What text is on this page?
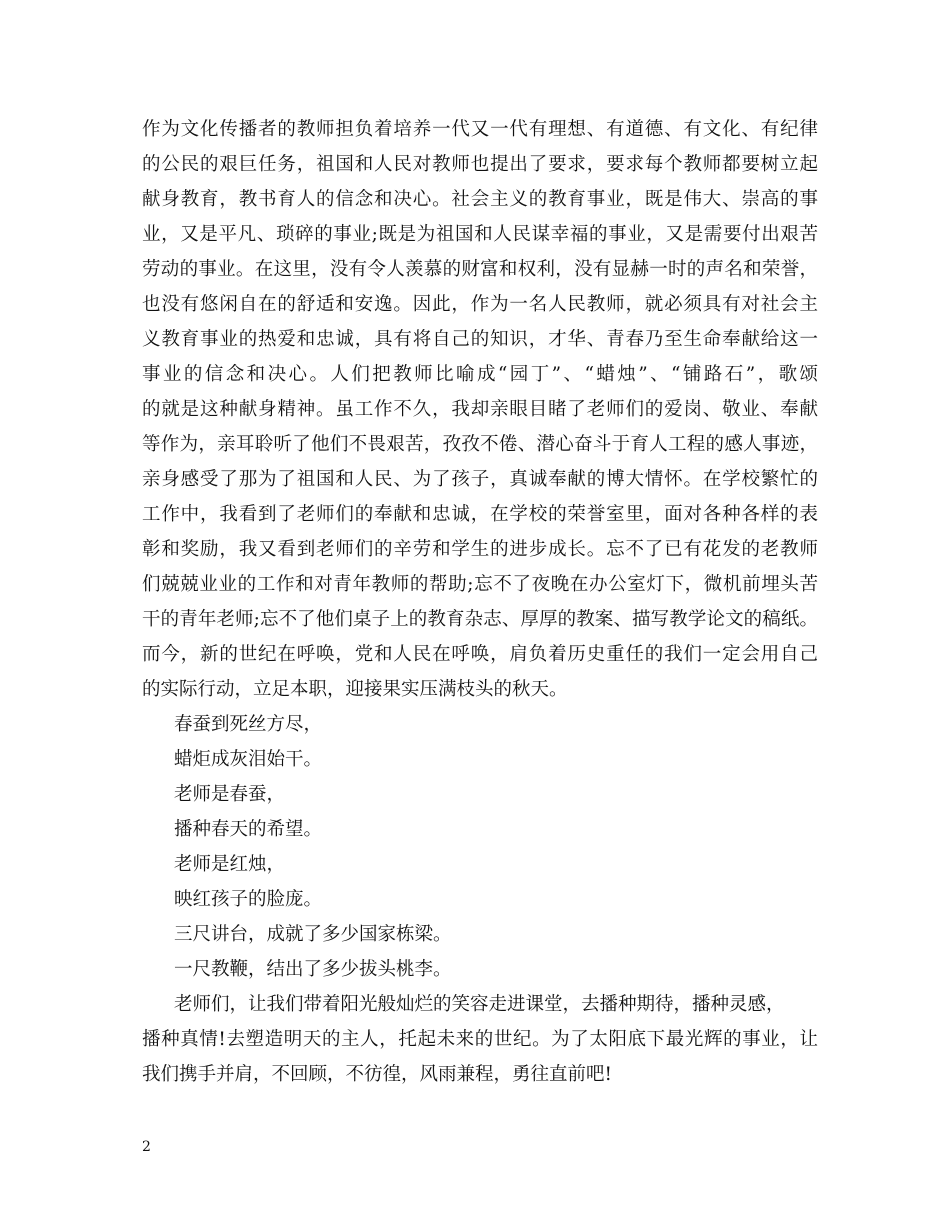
作为文化传播者的教师担负着培养一代又一代有理想、有道德、有文化、有纪律
的公民的艰巨任务，祖国和人民对教师也提出了要求，要求每个教师都要树立起
献身教育，教书育人的信念和决心。社会主义的教育事业，既是伟大、崇高的事
业，又是平凡、琐碎的事业;既是为祖国和人民谋幸福的事业，又是需要付出艰苦
劳动的事业。在这里，没有令人羡慕的财富和权利，没有显赫一时的声名和荣誉，
也没有悠闲自在的舒适和安逸。因此，作为一名人民教师，就必须具有对社会主
义教育事业的热爱和忠诚，具有将自己的知识，才华、青春乃至生命奉献给这一
事业的信念和决心。人们把教师比喻成“园丁”、“蜡烛”、“铺路石”，歌颂
的就是这种献身精神。虽工作不久，我却亲眼目睹了老师们的爱岗、敬业、奉献
等作为，亲耳聆听了他们不畏艰苦，孜孜不倦、潜心奋斗于育人工程的感人事迹，
亲身感受了那为了祖国和人民、为了孩子，真诚奉献的博大情怀。在学校繁忙的
工作中，我看到了老师们的奉献和忠诚，在学校的荣誉室里，面对各种各样的表
彰和奖励，我又看到老师们的辛劳和学生的进步成长。忘不了已有花发的老教师
们兢兢业业的工作和对青年教师的帮助;忘不了夜晚在办公室灯下，微机前埋头苦
干的青年老师;忘不了他们桌子上的教育杂志、厚厚的教案、描写教学论文的稿纸。
而今，新的世纪在呼唤，党和人民在呼唤，肩负着历史重任的我们一定会用自己
的实际行动，立足本职，迎接果实压满枝头的秋天。
春蚕到死丝方尽，
蜡炬成灰泪始干。
老师是春蚕，
播种春天的希望。
老师是红烛，
映红孩子的脸庞。
三尺讲台，成就了多少国家栋梁。
一尺教鞭，结出了多少拔头桃李。
老师们，让我们带着阳光般灿烂的笑容走进课堂，去播种期待，播种灵感，
播种真情!去塑造明天的主人，托起未来的世纪。为了太阳底下最光辉的事业，让
我们携手并肩，不回顾，不彷徨，风雨兼程，勇往直前吧!
2
